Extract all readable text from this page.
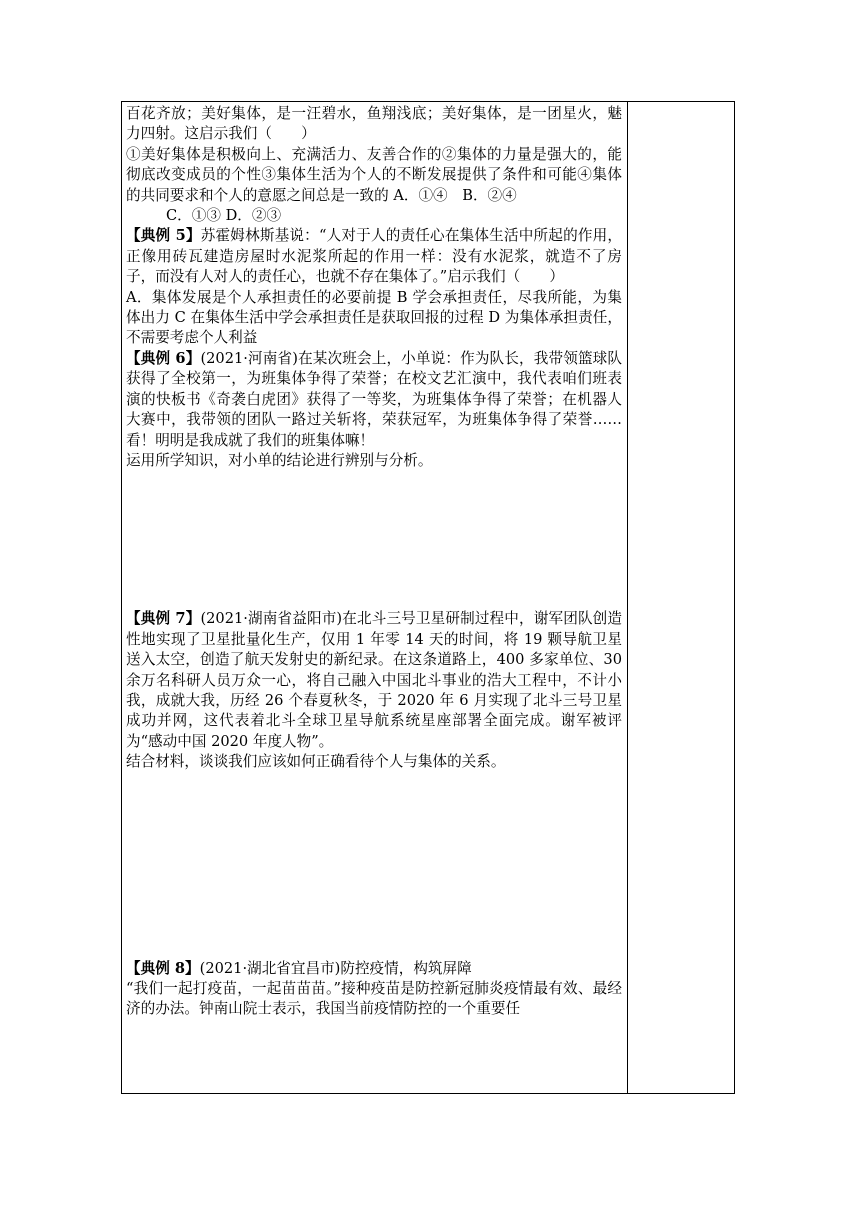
百花齐放；美好集体，是一汪碧水，鱼翔浅底；美好集体，是一团星火，魅力四射。这启示我们（　　）

①美好集体是积极向上、充满活力、友善合作的②集体的力量是强大的，能彻底改变成员的个性③集体生活为个人的不断发展提供了条件和可能④集体的共同要求和个人的意愿之间总是一致的 A．①④　B．②④

C．①③ D．②③

【典例 5】苏霍姆林斯基说：“人对于人的责任心在集体生活中所起的作用，正像用砖瓦建造房屋时水泥浆所起的作用一样：没有水泥浆，就造不了房子，而没有人对人的责任心，也就不存在集体了。”启示我们（　　）

A．集体发展是个人承担责任的必要前提 B 学会承担责任，尽我所能，为集体出力 C 在集体生活中学会承担责任是获取回报的过程 D 为集体承担责任，不需要考虑个人利益

【典例 6】(2021·河南省)在某次班会上，小单说：作为队长，我带领篮球队获得了全校第一，为班集体争得了荣誉；在校文艺汇演中，我代表咱们班表演的快板书《奇袭白虎团》获得了一等奖，为班集体争得了荣誉；在机器人大赛中，我带领的团队一路过关斩将，荣获冠军，为班集体争得了荣誉……看！明明是我成就了我们的班集体嘛！

运用所学知识，对小单的结论进行辨别与分析。

【典例 7】(2021·湖南省益阳市)在北斗三号卫星研制过程中，谢军团队创造性地实现了卫星批量化生产，仅用 1 年零 14 天的时间，将 19 颗导航卫星送入太空，创造了航天发射史的新纪录。在这条道路上，400 多家单位、30 余万名科研人员万众一心，将自己融入中国北斗事业的浩大工程中，不计小我，成就大我，历经 26 个春夏秋冬，于 2020 年 6 月实现了北斗三号卫星成功并网，这代表着北斗全球卫星导航系统星座部署全面完成。谢军被评为“感动中国 2020 年度人物”。

结合材料，谈谈我们应该如何正确看待个人与集体的关系。

【典例 8】(2021·湖北省宜昌市)防控疫情，构筑屏障

“我们一起打疫苗，一起苗苗苗。”接种疫苗是防控新冠肺炎疫情最有效、最经济的办法。钟南山院士表示，我国当前疫情防控的一个重要任
